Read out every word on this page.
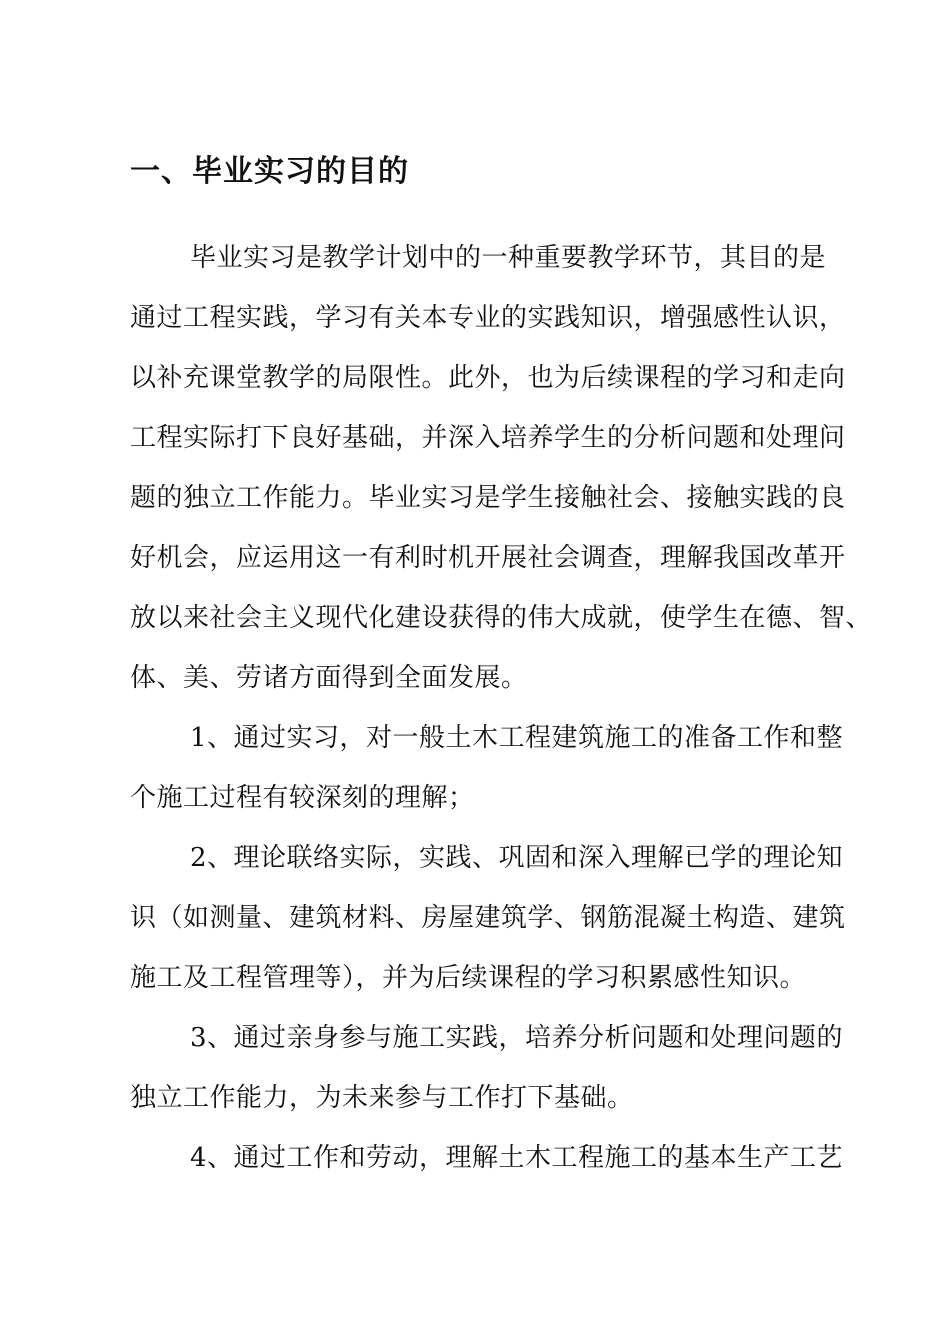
一、毕业实习的目的
毕业实习是教学计划中的一种重要教学环节，其目的是
通过工程实践，学习有关本专业的实践知识，增强感性认识，
以补充课堂教学的局限性。此外，也为后续课程的学习和走向
工程实际打下良好基础，并深入培养学生的分析问题和处理问
题的独立工作能力。毕业实习是学生接触社会、接触实践的良
好机会，应运用这一有利时机开展社会调查，理解我国改革开
放以来社会主义现代化建设获得的伟大成就，使学生在德、智、
体、美、劳诸方面得到全面发展。
1、通过实习，对一般土木工程建筑施工的准备工作和整
个施工过程有较深刻的理解；
2、理论联络实际，实践、巩固和深入理解已学的理论知
识（如测量、建筑材料、房屋建筑学、钢筋混凝土构造、建筑
施工及工程管理等），并为后续课程的学习积累感性知识。
3、通过亲身参与施工实践，培养分析问题和处理问题的
独立工作能力，为未来参与工作打下基础。
4、通过工作和劳动，理解土木工程施工的基本生产工艺
